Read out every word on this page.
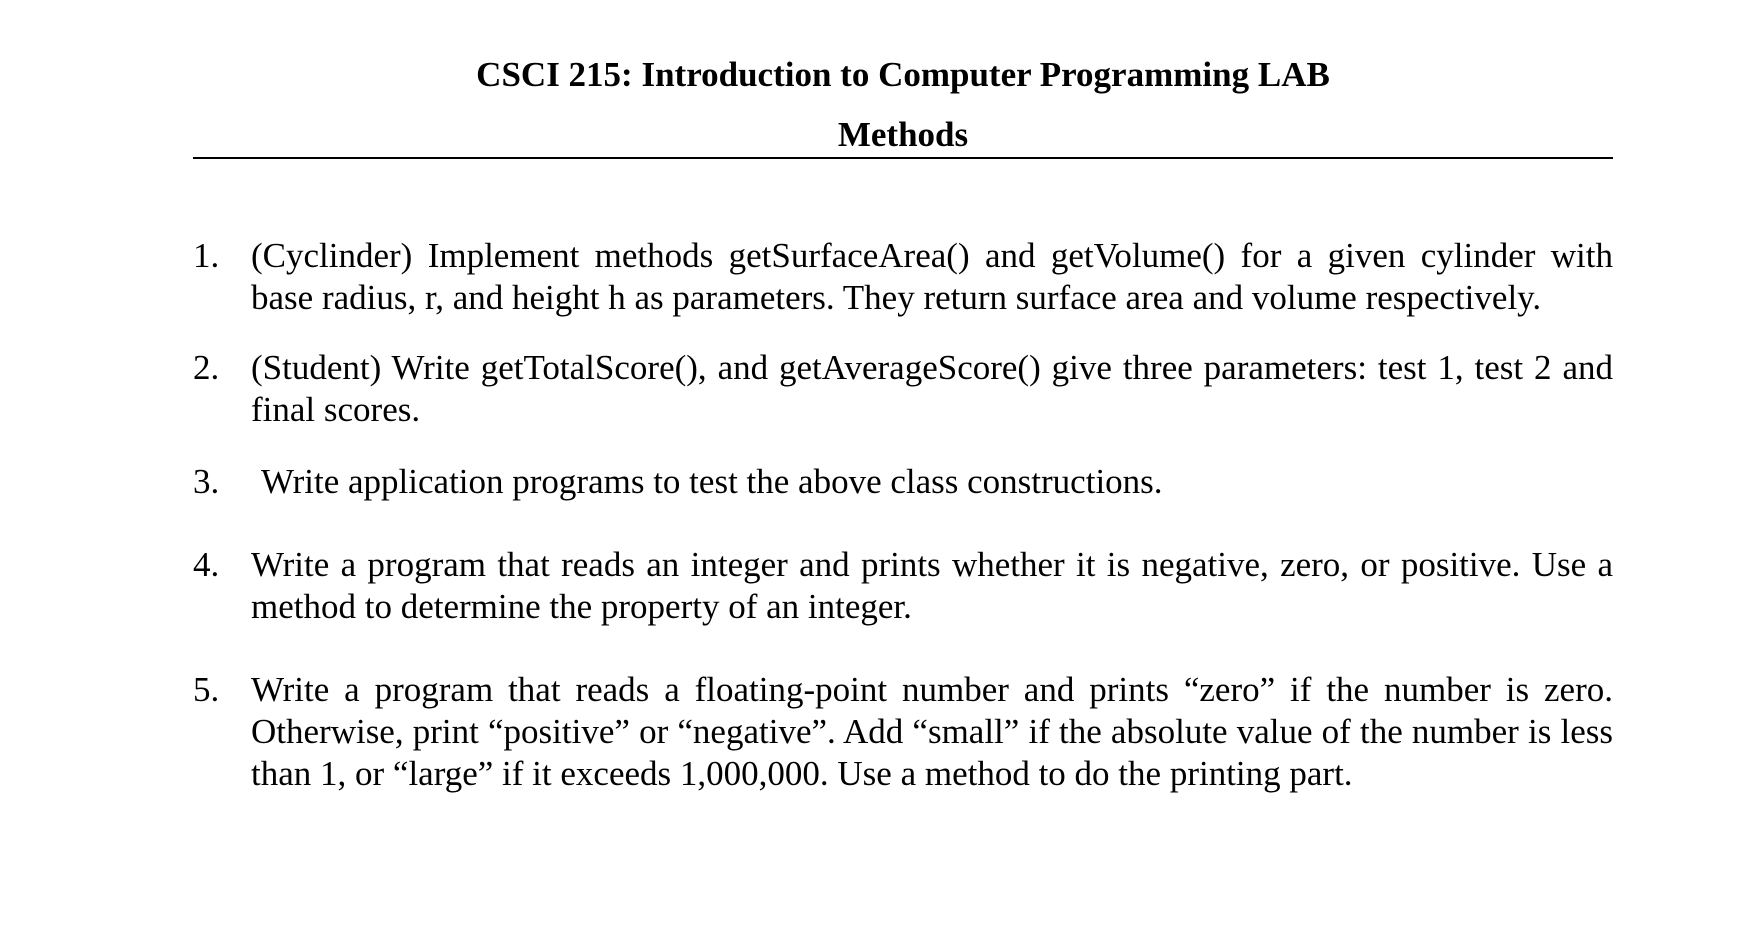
CSCI 215: Introduction to Computer Programming LAB
Methods
1. (Cyclinder) Implement methods getSurfaceArea() and getVolume() for a given cylinder with base radius, r, and height h as parameters. They return surface area and volume respectively.
2. (Student) Write getTotalScore(), and getAverageScore() give three parameters: test 1, test 2 and final scores.
3.	Write application programs to test the above class constructions.
4. Write a program that reads an integer and prints whether it is negative, zero, or positive. Use a method to determine the property of an integer.
5. Write a program that reads a floating-point number and prints “zero” if the number is zero. Otherwise, print “positive” or “negative”. Add “small” if the absolute value of the number is less than 1, or “large” if it exceeds 1,000,000. Use a method to do the printing part.
